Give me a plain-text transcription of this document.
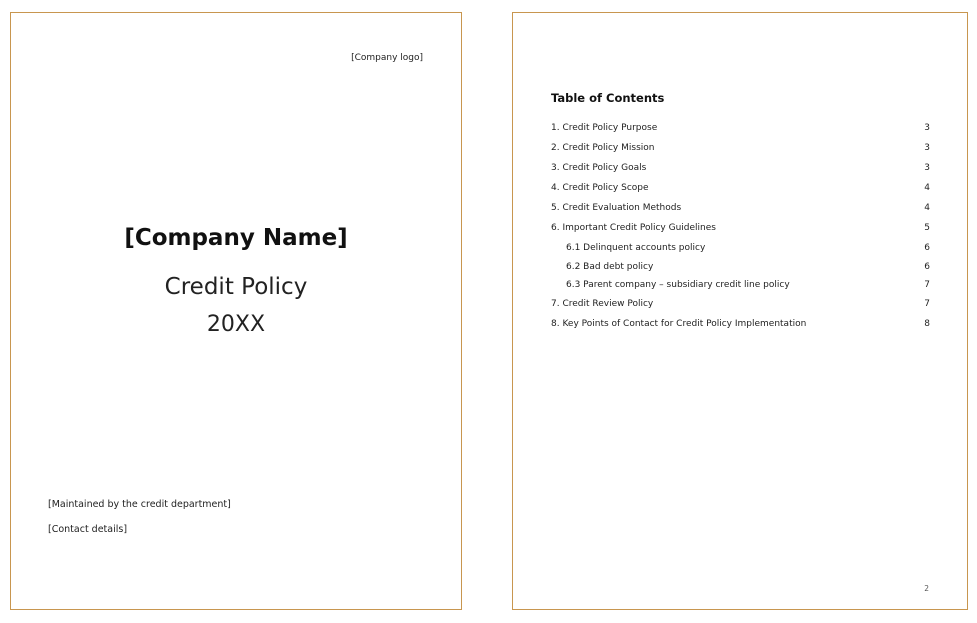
[Company logo]
[Company Name]
Credit Policy
20XX
[Maintained by the credit department]
[Contact details]
Table of Contents
1. Credit Policy Purpose	3
2. Credit Policy Mission	3
3. Credit Policy Goals	3
4. Credit Policy Scope	4
5. Credit Evaluation Methods	4
6. Important Credit Policy Guidelines	5
6.1 Delinquent accounts policy	6
6.2 Bad debt policy	6
6.3 Parent company – subsidiary credit line policy	7
7. Credit Review Policy	7
8. Key Points of Contact for Credit Policy Implementation	8
2
